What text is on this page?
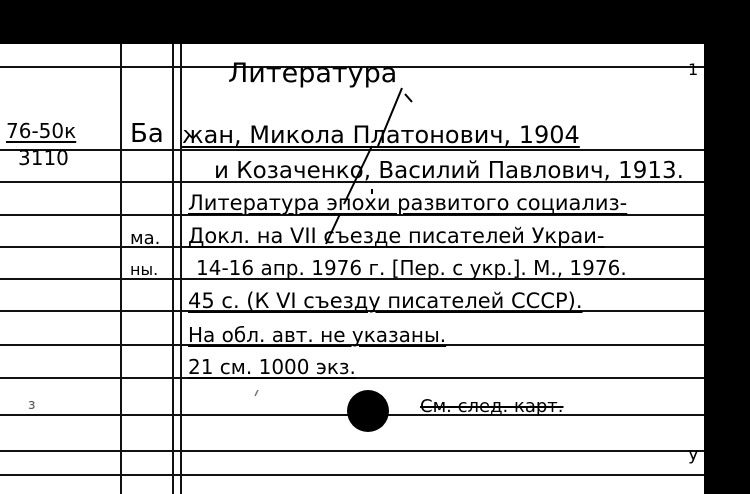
Литература	1
76-50к
3110
Ба жан, Микола Платонович, 1904
и Козаченко, Василий Павлович, 1913.
Литература эпохи развитого социализ-
ма. Докл. на VII съезде писателей Украи-
ны. 14-16 апр. 1976 г. [Пер. с укр.]. М., 1976.
45 с. (К VI съезду писателей СССР).
На обл. авт. не указаны.
21 см. 1000 экз.
См. след. карт.
з
у
